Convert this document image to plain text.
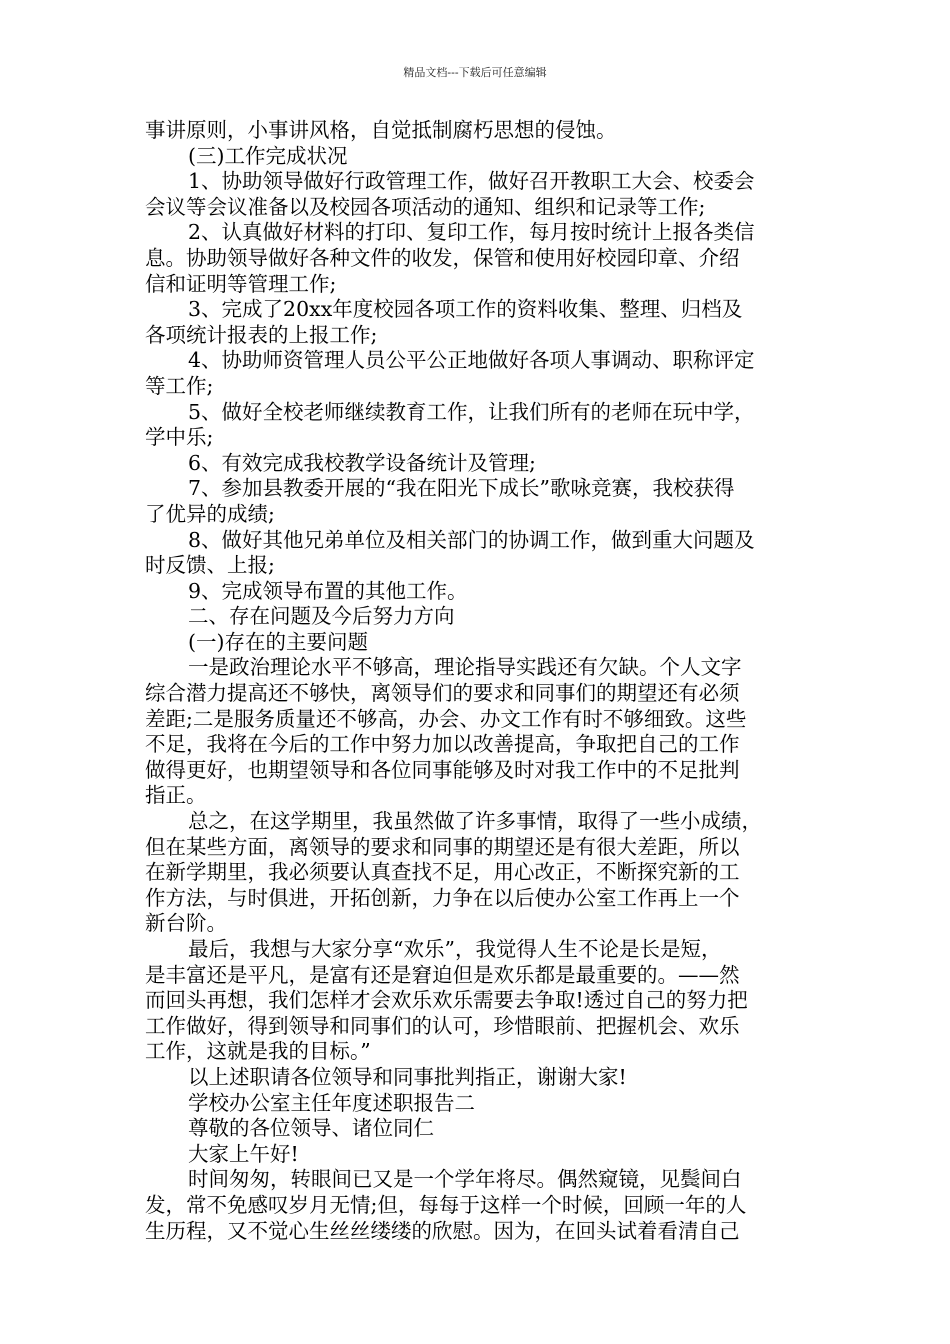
精品文档---下载后可任意编辑
事讲原则，小事讲风格，自觉抵制腐朽思想的侵蚀。
(三)工作完成状况
1、协助领导做好行政管理工作，做好召开教职工大会、校委会
会议等会议准备以及校园各项活动的通知、组织和记录等工作;
2、认真做好材料的打印、复印工作，每月按时统计上报各类信
息。协助领导做好各种文件的收发，保管和使用好校园印章、介绍
信和证明等管理工作;
3、完成了20xx年度校园各项工作的资料收集、整理、归档及
各项统计报表的上报工作;
4、协助师资管理人员公平公正地做好各项人事调动、职称评定
等工作;
5、做好全校老师继续教育工作，让我们所有的老师在玩中学，
学中乐;
6、有效完成我校教学设备统计及管理;
7、参加县教委开展的“我在阳光下成长”歌咏竞赛，我校获得
了优异的成绩;
8、做好其他兄弟单位及相关部门的协调工作，做到重大问题及
时反馈、上报;
9、完成领导布置的其他工作。
二、存在问题及今后努力方向
(一)存在的主要问题
一是政治理论水平不够高，理论指导实践还有欠缺。个人文字
综合潜力提高还不够快，离领导们的要求和同事们的期望还有必须
差距;二是服务质量还不够高，办会、办文工作有时不够细致。这些
不足，我将在今后的工作中努力加以改善提高，争取把自己的工作
做得更好，也期望领导和各位同事能够及时对我工作中的不足批判
指正。
总之，在这学期里，我虽然做了许多事情，取得了一些小成绩，
但在某些方面，离领导的要求和同事的期望还是有很大差距，所以
在新学期里，我必须要认真查找不足，用心改正，不断探究新的工
作方法，与时俱进，开拓创新，力争在以后使办公室工作再上一个
新台阶。
最后，我想与大家分享“欢乐”，我觉得人生不论是长是短，
是丰富还是平凡，是富有还是窘迫但是欢乐都是最重要的。——然
而回头再想，我们怎样才会欢乐欢乐需要去争取!透过自己的努力把
工作做好，得到领导和同事们的认可，珍惜眼前、把握机会、欢乐
工作，这就是我的目标。”
以上述职请各位领导和同事批判指正，谢谢大家!
学校办公室主任年度述职报告二
尊敬的各位领导、诸位同仁
大家上午好!
时间匆匆，转眼间已又是一个学年将尽。偶然窥镜，见鬓间白
发，常不免感叹岁月无情;但，每每于这样一个时候，回顾一年的人
生历程，又不觉心生丝丝缕缕的欣慰。因为，在回头试着看清自己
